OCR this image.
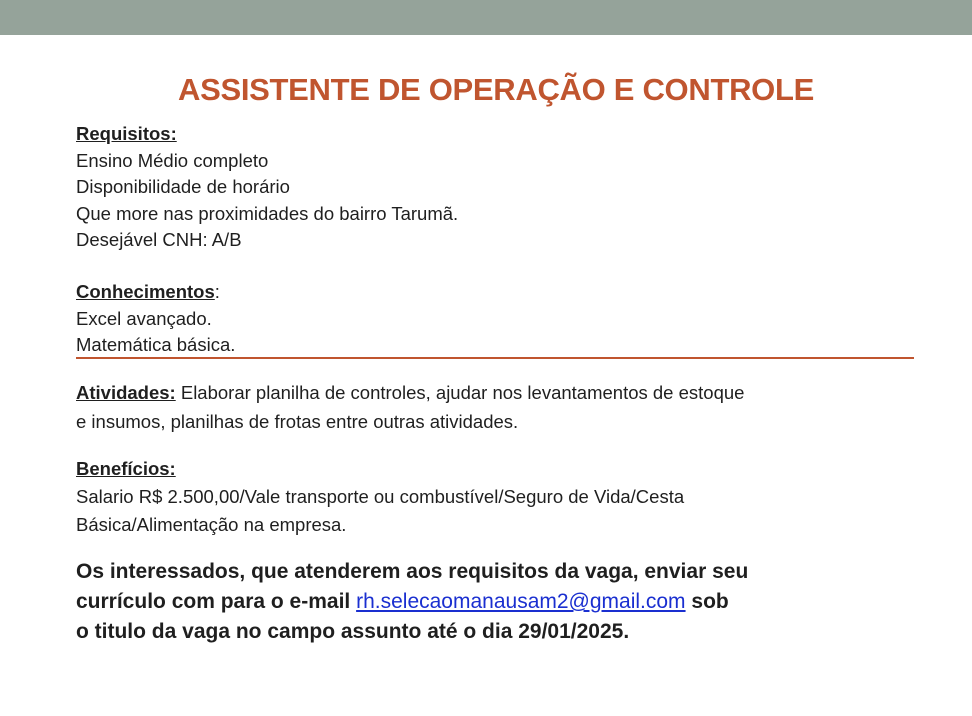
ASSISTENTE DE OPERAÇÃO E CONTROLE
Requisitos:
Ensino Médio completo
Disponibilidade de horário
Que more nas proximidades do bairro Tarumã.
Desejável CNH: A/B
Conhecimentos:
Excel avançado.
Matemática básica.
Atividades: Elaborar planilha de controles, ajudar nos levantamentos de estoque
e insumos, planilhas de frotas entre outras atividades.
Benefícios:
Salario R$ 2.500,00/Vale transporte ou combustível/Seguro de Vida/Cesta
Básica/Alimentação na empresa.
Os interessados, que atenderem aos requisitos da vaga, enviar seu
currículo com para o e-mail rh.selecaomanausam2@gmail.com sob
o titulo da vaga no campo assunto até o dia 29/01/2025.
